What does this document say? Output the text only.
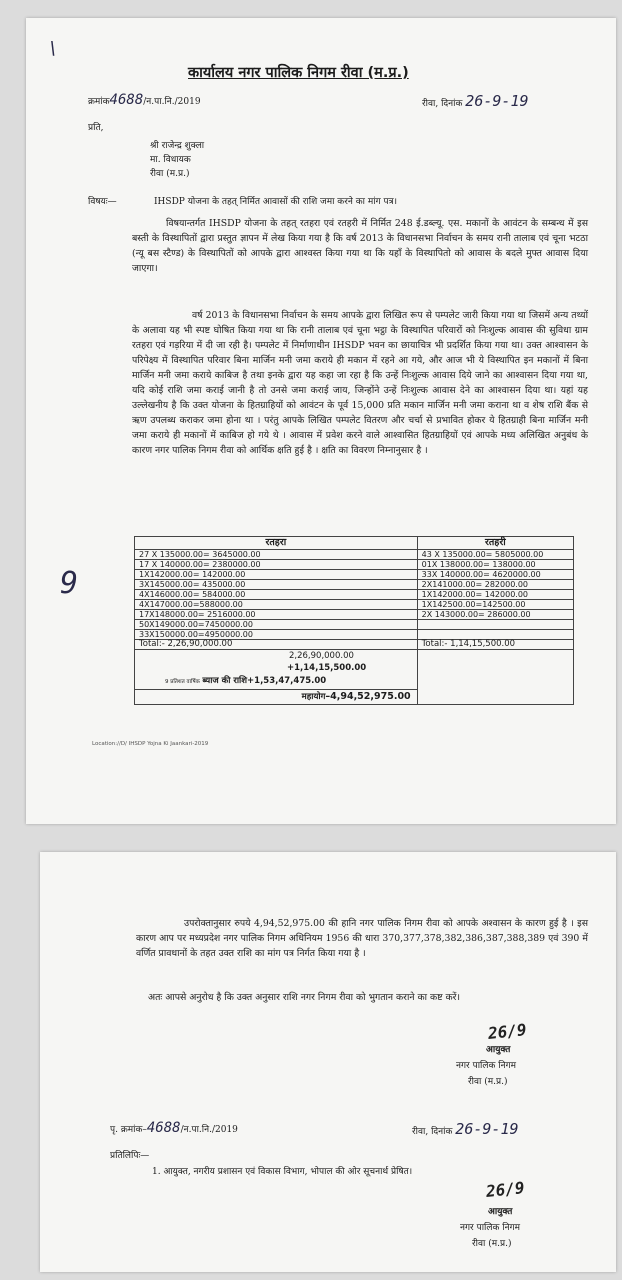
\
कार्यालय नगर पालिक निगम रीवा (म.प्र.)
क्रमांक4688/न.पा.नि./2019	रीवा, दिनांक 26-9-19
प्रति,
श्री राजेन्द्र शुक्ला
मा. विधायक
रीवा (म.प्र.)
विषयः—	IHSDP योजना के तहत् निर्मित आवासों की राशि जमा करने का मांग पत्र।
विषयान्तर्गत IHSDP योजना के तहत् रतहरा एवं रतहरी में निर्मित 248 ई.डब्ल्यू. एस. मकानों के आवंटन के सम्बन्ध में इस बस्ती के विस्थापितों द्वारा प्रस्तुत ज्ञापन में लेख किया गया है कि वर्ष 2013 के विधानसभा निर्वाचन के समय रानी तालाब एवं चूना भटठा (न्यू बस स्टैण्ड) के विस्थापितों को आपके द्वारा आश्वस्त किया गया था कि यहाँ के विस्थापितो को आवास के बदले मुफ्त आवास दिया जाएगा।
वर्ष 2013 के विधानसभा निर्वाचन के समय आपके द्वारा लिखित रूप से पम्पलेट जारी किया गया था जिसमें अन्य तथ्यों के अलावा यह भी स्पष्ट घोषित किया गया था कि रानी तालाब एवं चूना भट्ठा के विस्थापित परिवारों को निःशुल्क आवास की सुविधा ग्राम रतहरा एवं गड़रिया में दी जा रही है। पम्पलेट में निर्माणाधीन IHSDP भवन का छायाचित्र भी प्रदर्शित किया गया था। उक्त आश्वासन के परिपेक्ष्य में विस्थापित परिवार बिना मार्जिन मनी जमा कराये ही मकान में रहने आ गये, और आज भी ये विस्थापित इन मकानों में बिना मार्जिन मनी जमा कराये काबिज है तथा इनके द्वारा यह कहा जा रहा है कि उन्हें निःशुल्क आवास दिये जाने का आश्वासन दिया गया था, यदि कोई राशि जमा कराई जानी है तो उनसे जमा कराई जाय, जिन्होंने उन्हें निःशुल्क आवास देने का आश्वासन दिया था। यहां यह उल्लेखनीय है कि उक्त योजना के हितग्राहियों को आवंटन के पूर्व 15,000 प्रति मकान मार्जिन मनी जमा कराना था व शेष राशि बैंक से ऋण उपलब्ध कराकर जमा होना था । परंतु आपके लिखित पम्पलेट वितरण और चर्चा से प्रभावित होकर ये हितग्राही बिना मार्जिन मनी जमा कराये ही मकानों में काबिज हो गये थे । आवास में प्रवेश करने वाले आश्वासित हितग्राहियों एवं आपके मध्य अलिखित अनुबंध के कारण नगर पालिक निगम रीवा को आर्थिक क्षति हुई है । क्षति का विवरण निम्नानुसार है ।
9
रतहरा	रतहरी
27 X 135000.00= 3645000.00	43 X 135000.00= 5805000.00
17 X 140000.00= 2380000.00	01X 138000.00= 138000.00
1X142000.00= 142000.00	33X 140000.00= 4620000.00
3X145000.00= 435000.00	2X141000.00= 282000.00
4X146000.00= 584000.00	1X142000.00= 142000.00
4X147000.00=588000.00	1X142500.00=142500.00
17X148000.00= 2516000.00	2X 143000.00= 286000.00
50X149000.00=7450000.00	
33X150000.00=4950000.00	
Total:- 2,26,90,000.00	Total:- 1,14,15,500.00

2,26,90,000.00	

+1,14,15,500.00	

9 प्रतिशत वार्षिक ब्याज की राशि+1,53,47,475.00	
महायोग–4,94,52,975.00	
Location://D/ IHSDP Yojna Ki Jaankari-2019
उपरोक्तानुसार रुपये 4,94,52,975.00 की हानि नगर पालिक निगम रीवा को आपके अश्वासन के कारण हुई है । इस कारण आप पर मध्यप्रदेश नगर पालिक निगम अधिनियम 1956 की धारा 370,377,378,382,386,387,388,389 एवं 390 में वर्णित प्रावधानों के तहत उक्त राशि का मांग पत्र निर्गत किया गया है ।
अतः आपसे अनुरोध है कि उक्त अनुसार राशि नगर निगम रीवा को भुगतान कराने का कष्ट करें।
26/9
आयुक्त
नगर पालिक निगम
रीवा (म.प्र.)
पृ. क्रमांक–4688/न.पा.नि./2019	रीवा, दिनांक 26-9-19
प्रतिलिपिः—
1. आयुक्त, नगरीय प्रशासन एवं विकास विभाग, भोपाल की ओर सूचनार्थ प्रेषित।
26/9
आयुक्त
नगर पालिक निगम
रीवा (म.प्र.)
